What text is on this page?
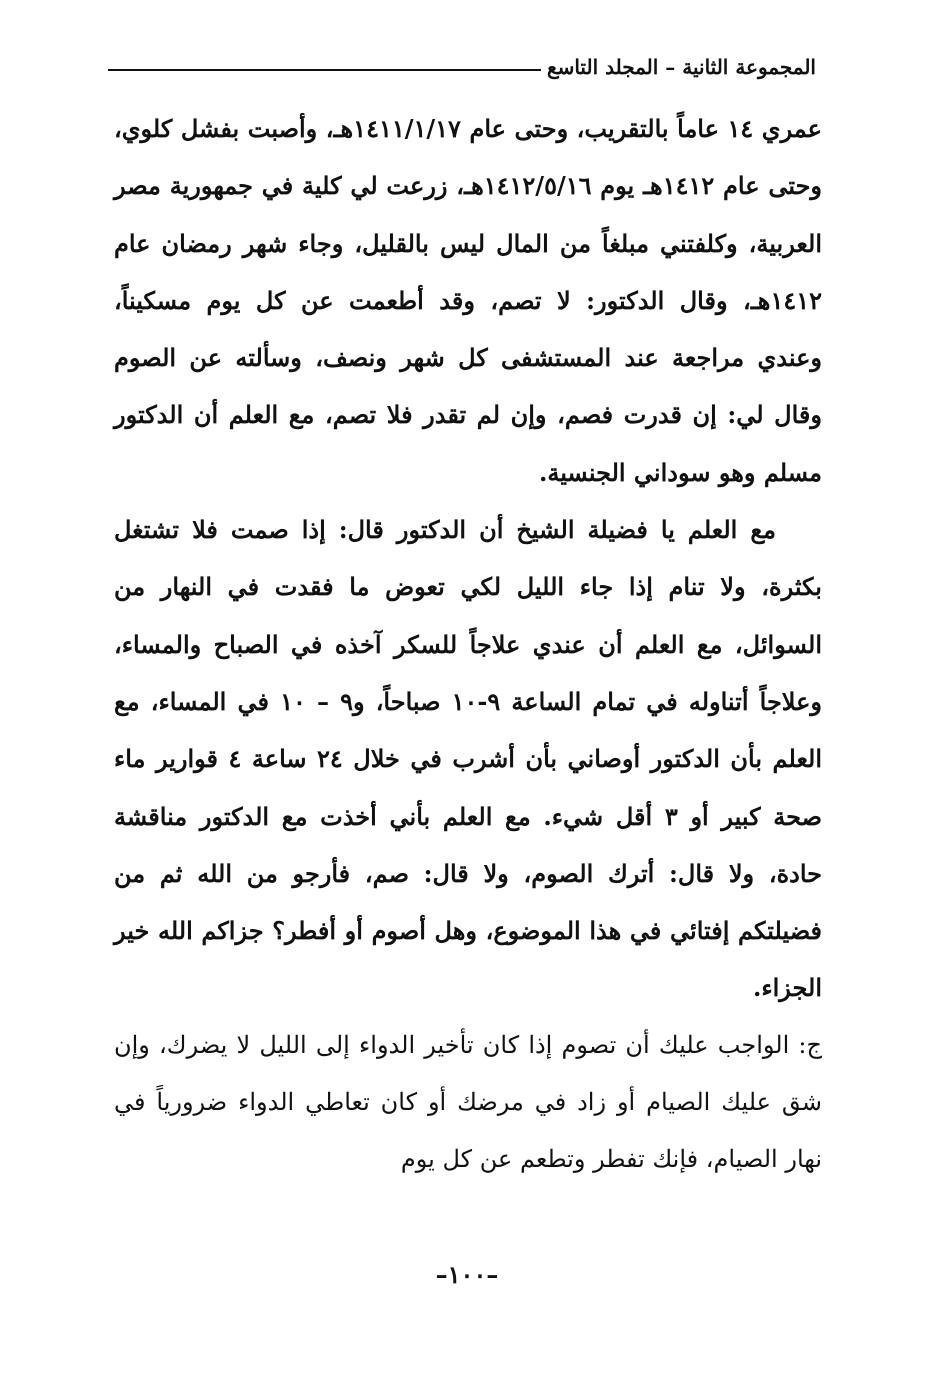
المجموعة الثانية – المجلد التاسع

عمري ١٤ عاماً بالتقريب، وحتى عام ١٤١١/١/١٧هـ، وأصبت بفشل كلوي، وحتى عام ١٤١٢هـ يوم ١٤١٢/٥/١٦هـ، زرعت لي كلية في جمهورية مصر العربية، وكلفتني مبلغاً من المال ليس بالقليل، وجاء شهر رمضان عام ١٤١٢هـ، وقال الدكتور: لا تصم، وقد أطعمت عن كل يوم مسكيناً، وعندي مراجعة عند المستشفى كل شهر ونصف، وسألته عن الصوم وقال لي: إن قدرت فصم، وإن لم تقدر فلا تصم، مع العلم أن الدكتور مسلم وهو سوداني الجنسية.

مع العلم يا فضيلة الشيخ أن الدكتور قال: إذا صمت فلا تشتغل بكثرة، ولا تنام إذا جاء الليل لكي تعوض ما فقدت في النهار من السوائل، مع العلم أن عندي علاجاً للسكر آخذه في الصباح والمساء، وعلاجاً أتناوله في تمام الساعة ٩-١٠ صباحاً، و٩ – ١٠ في المساء، مع العلم بأن الدكتور أوصاني بأن أشرب في خلال ٢٤ ساعة ٤ قوارير ماء صحة كبير أو ٣ أقل شيء. مع العلم بأني أخذت مع الدكتور مناقشة حادة، ولا قال: أترك الصوم، ولا قال: صم، فأرجو من الله ثم من فضيلتكم إفتائي في هذا الموضوع، وهل أصوم أو أفطر؟ جزاكم الله خير الجزاء.

ج: الواجب عليك أن تصوم إذا كان تأخير الدواء إلى الليل لا يضرك، وإن شق عليك الصيام أو زاد في مرضك أو كان تعاطي الدواء ضرورياً في نهار الصيام، فإنك تفطر وتطعم عن كل يوم

–١٠٠–
